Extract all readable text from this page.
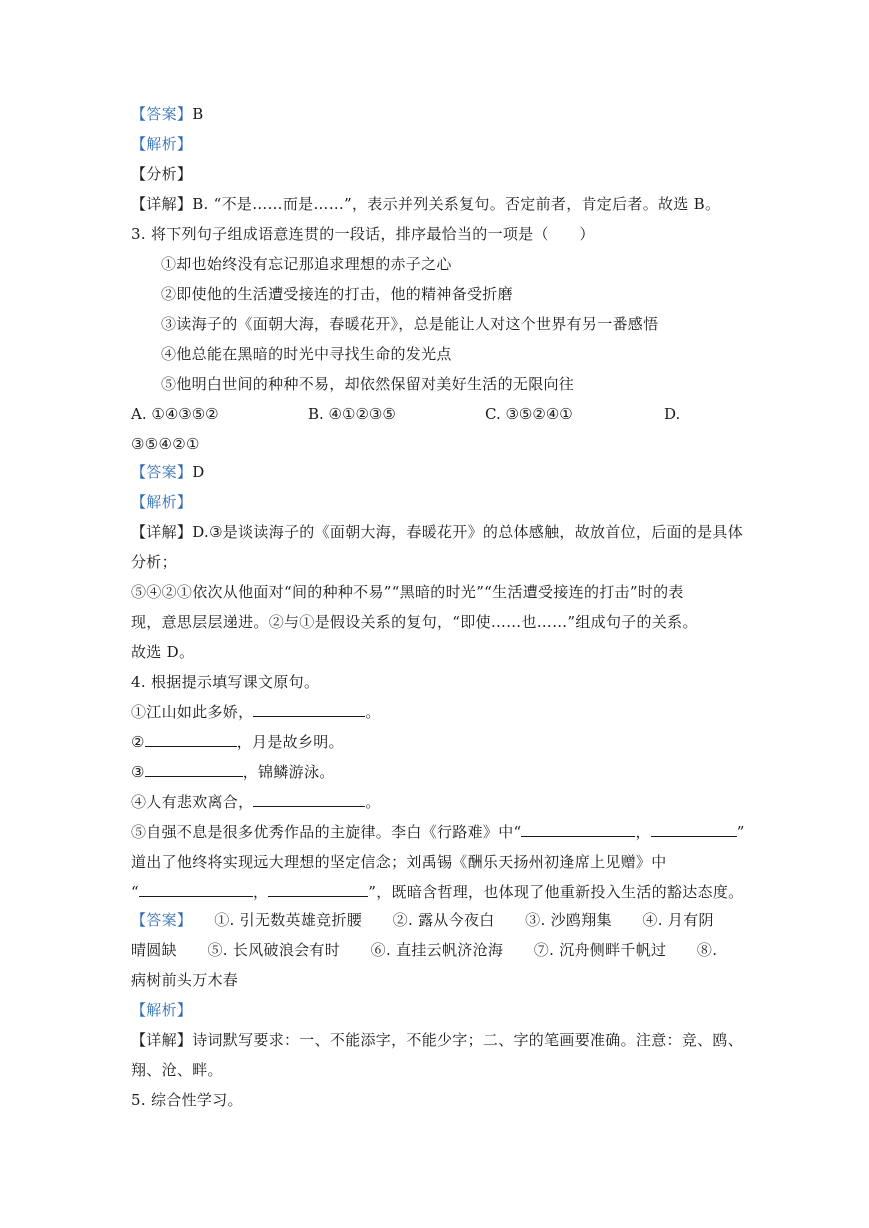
【答案】B
【解析】
【分析】
【详解】B. “不是……而是……”，表示并列关系复句。否定前者，肯定后者。故选 B。
3. 将下列句子组成语意连贯的一段话，排序最恰当的一项是（　　）
①却也始终没有忘记那追求理想的赤子之心
②即使他的生活遭受接连的打击，他的精神备受折磨
③读海子的《面朝大海，春暖花开》，总是能让人对这个世界有另一番感悟
④他总能在黑暗的时光中寻找生命的发光点
⑤他明白世间的种种不易，却依然保留对美好生活的无限向往
A. ①④③⑤②	B. ④①②③⑤	C. ③⑤②④①	D.
③⑤④②①
【答案】D
【解析】
【详解】D.③是谈读海子的《面朝大海，春暖花开》的总体感触，故放首位，后面的是具体
分析；
⑤④②①依次从他面对“间的种种不易”“黑暗的时光”“生活遭受接连的打击”时的表
现，意思层层递进。②与①是假设关系的复句，“即使……也……”组成句子的关系。
故选 D。
4. 根据提示填写课文原句。
①江山如此多娇，	。
②	，月是故乡明。
③	，锦鳞游泳。
④人有悲欢离合，	。
⑤自强不息是很多优秀作品的主旋律。李白《行路难》中“	，	”
道出了他终将实现远大理想的坚定信念；刘禹锡《酬乐天扬州初逢席上见赠》中
“	，	”，既暗含哲理，也体现了他重新投入生活的豁达态度。
【答案】 ①. 引无数英雄竞折腰　　②. 露从今夜白　　③. 沙鸥翔集　　④. 月有阴
晴圆缺　　⑤. 长风破浪会有时　　⑥. 直挂云帆济沧海　　⑦. 沉舟侧畔千帆过　　⑧.
病树前头万木春
【解析】
【详解】诗词默写要求：一、不能添字，不能少字；二、字的笔画要准确。注意：竞、鸥、
翔、沧、畔。
5. 综合性学习。
